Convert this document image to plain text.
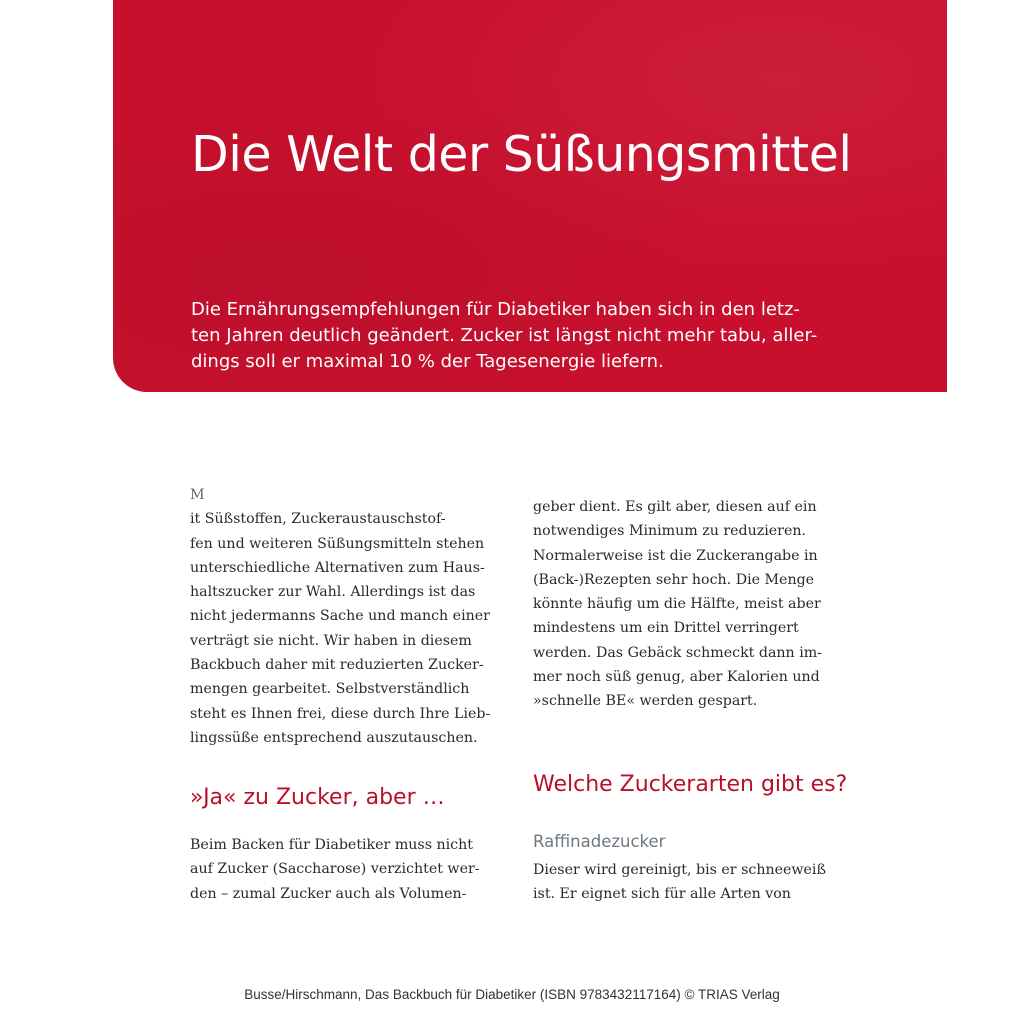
Die Welt der Süßungsmittel
Die Ernährungsempfehlungen für Diabetiker haben sich in den letz-
ten Jahren deutlich geändert. Zucker ist längst nicht mehr tabu, aller-
dings soll er maximal 10 % der Tagesenergie liefern.
M
it Süßstoffen, Zuckeraustauschstof-
fen und weiteren Süßungsmitteln stehen
unterschiedliche Alternativen zum Haus-
haltszucker zur Wahl. Allerdings ist das
nicht jedermanns Sache und manch einer
verträgt sie nicht. Wir haben in diesem
Backbuch daher mit reduzierten Zucker-
mengen gearbeitet. Selbstverständlich
steht es Ihnen frei, diese durch Ihre Lieb-
lingssüße entsprechend auszutauschen.
»Ja« zu Zucker, aber …
Beim Backen für Diabetiker muss nicht
auf Zucker (Saccharose) verzichtet wer-
den – zumal Zucker auch als Volumen-
geber dient. Es gilt aber, diesen auf ein
notwendiges Minimum zu reduzieren.
Normalerweise ist die Zuckerangabe in
(Back-)Rezepten sehr hoch. Die Menge
könnte häufig um die Hälfte, meist aber
mindestens um ein Drittel verringert
werden. Das Gebäck schmeckt dann im-
mer noch süß genug, aber Kalorien und
»schnelle BE« werden gespart.
Welche Zuckerarten gibt es?
Raffinadezucker
Dieser wird gereinigt, bis er schneeweiß
ist. Er eignet sich für alle Arten von
Busse/Hirschmann, Das Backbuch für Diabetiker (ISBN 9783432117164) © TRIAS Verlag
